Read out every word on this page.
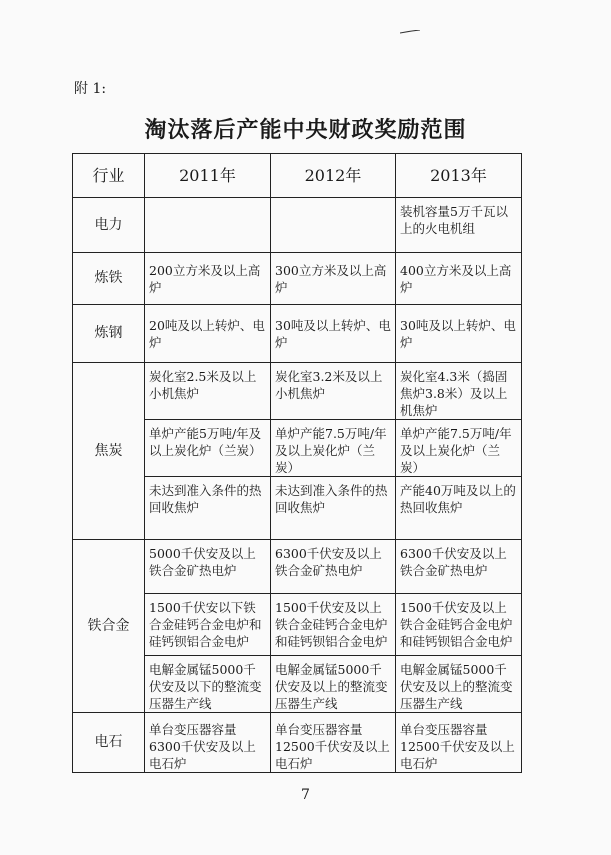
附 1:
淘汰落后产能中央财政奖励范围
行业	2011年	2012年	2013年
电力			装机容量5万千瓦以上的火电机组
炼铁	200立方米及以上高炉	300立方米及以上高炉	400立方米及以上高炉
炼钢	20吨及以上转炉、电炉	30吨及以上转炉、电炉	30吨及以上转炉、电炉
焦炭	炭化室2.5米及以上小机焦炉	炭化室3.2米及以上小机焦炉	炭化室4.3米（捣固焦炉3.8米）及以上机焦炉
	单炉产能5万吨/年及以上炭化炉（兰炭）	单炉产能7.5万吨/年及以上炭化炉（兰炭）	单炉产能7.5万吨/年及以上炭化炉（兰炭）
	未达到准入条件的热回收焦炉	未达到准入条件的热回收焦炉	产能40万吨及以上的热回收焦炉
铁合金	5000千伏安及以上铁合金矿热电炉	6300千伏安及以上铁合金矿热电炉	6300千伏安及以上铁合金矿热电炉
	1500千伏安以下铁合金硅钙合金电炉和硅钙钡铝合金电炉	1500千伏安及以上铁合金硅钙合金电炉和硅钙钡铝合金电炉	1500千伏安及以上铁合金硅钙合金电炉和硅钙钡铝合金电炉
	电解金属锰5000千伏安及以下的整流变压器生产线	电解金属锰5000千伏安及以上的整流变压器生产线	电解金属锰5000千伏安及以上的整流变压器生产线
电石	单台变压器容量6300千伏安及以上电石炉	单台变压器容量12500千伏安及以上电石炉	单台变压器容量12500千伏安及以上电石炉
7
